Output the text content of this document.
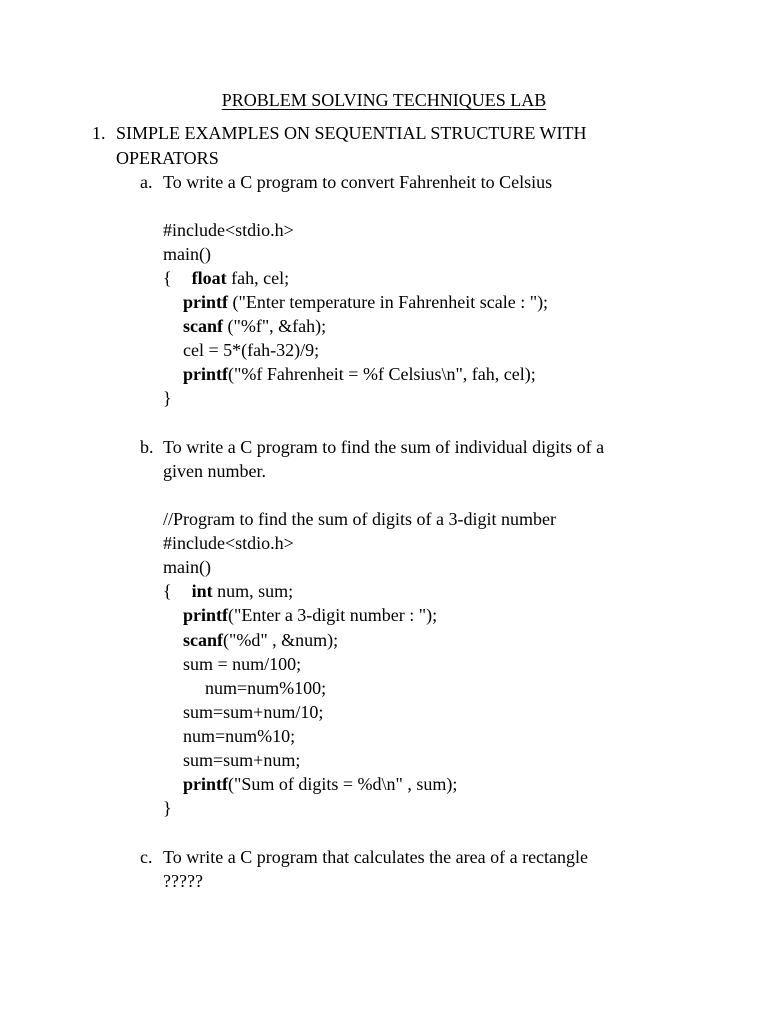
PROBLEM SOLVING TECHNIQUES LAB
1. SIMPLE EXAMPLES ON SEQUENTIAL STRUCTURE WITH
OPERATORS
a. To write a C program to convert Fahrenheit to Celsius
#include<stdio.h>
main()
{ float fah, cel;
printf ("Enter temperature in Fahrenheit scale : ");
scanf ("%f", &fah);
cel = 5*(fah-32)/9;
printf("%f Fahrenheit = %f Celsius\n", fah, cel);
}
b. To write a C program to find the sum of individual digits of a
given number.
//Program to find the sum of digits of a 3-digit number
#include<stdio.h>
main()
{ int num, sum;
printf("Enter a 3-digit number : ");
scanf("%d" , &num);
sum = num/100;
num=num%100;
sum=sum+num/10;
num=num%10;
sum=sum+num;
printf("Sum of digits = %d\n" , sum);
}
c. To write a C program that calculates the area of a rectangle
?????
